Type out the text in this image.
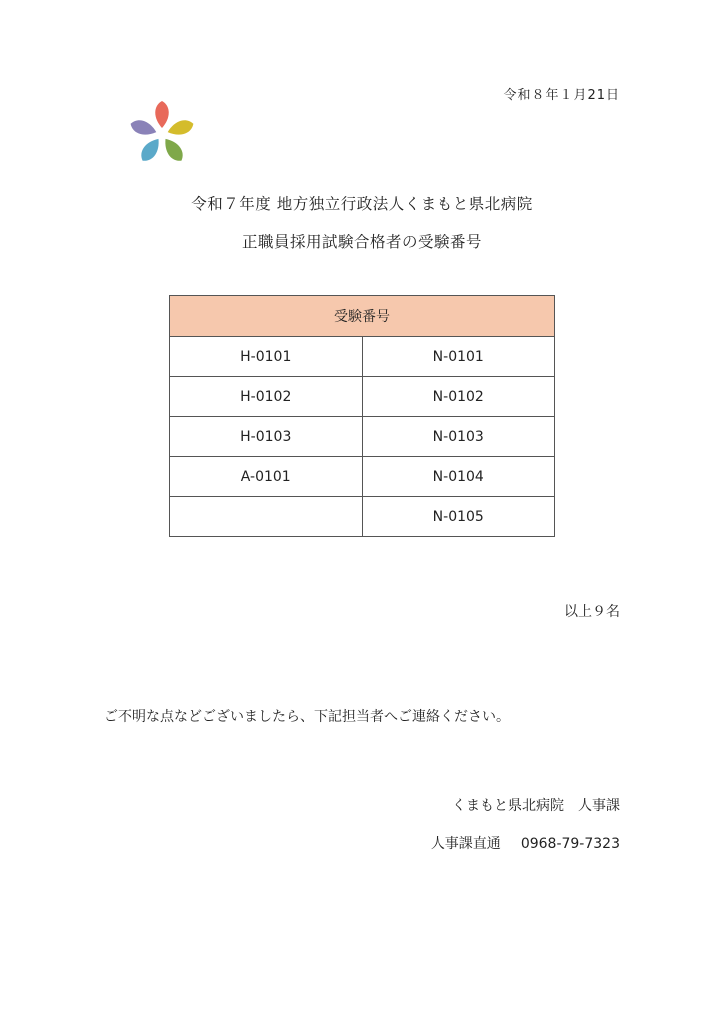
令和８年１月21日
令和７年度 地方独立行政法人くまもと県北病院
正職員採用試験合格者の受験番号
受験番号	
H-0101	N-0101
H-0102	N-0102
H-0103	N-0103
A-0101	N-0104
	N-0105
以上９名
ご不明な点などございましたら、下記担当者へご連絡ください。
くまもと県北病院　人事課
人事課直通 0968-79-7323
